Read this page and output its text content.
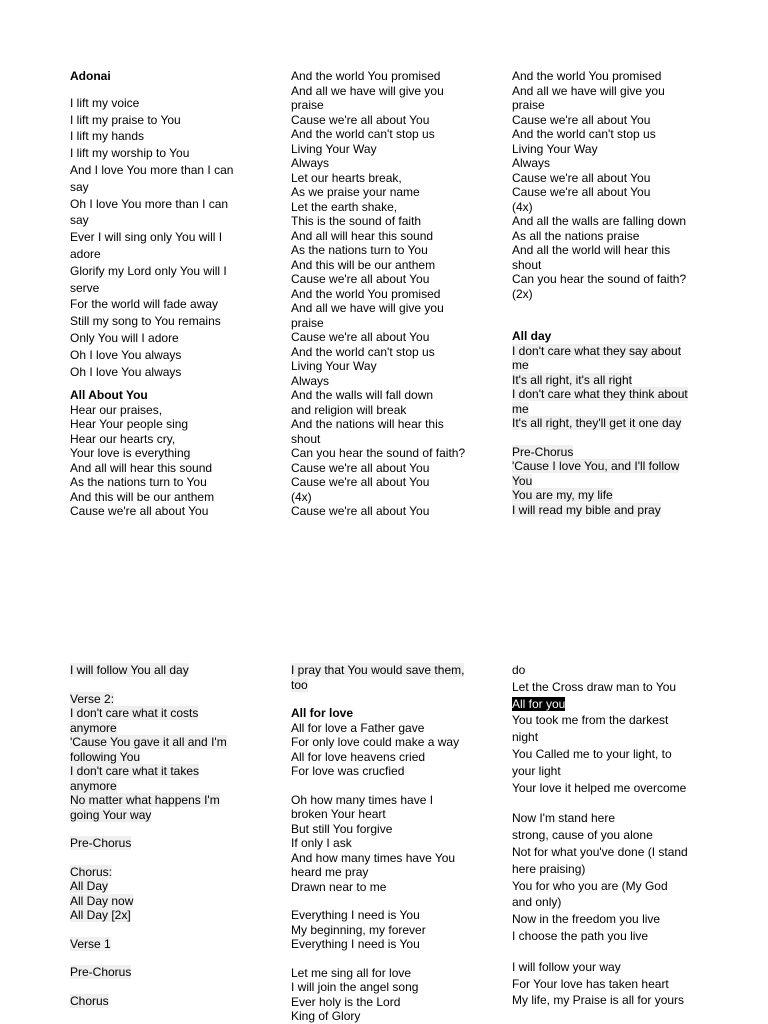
Adonai
I lift my voice
I lift my praise to You
I lift my hands
I lift my worship to You
And I love You more than I can
say
Oh I love You more than I can
say
Ever I will sing only You will I
adore
Glorify my Lord only You will I
serve
For the world will fade away
Still my song to You remains
Only You will I adore
Oh I love You always
Oh I love You always
All About You
Hear our praises,
Hear Your people sing
Hear our hearts cry,
Your love is everything
And all will hear this sound
As the nations turn to You
And this will be our anthem
Cause we're all about You
And the world You promised
And all we have will give you
praise
Cause we're all about You
And the world can't stop us
Living Your Way
Always
Let our hearts break,
As we praise your name
Let the earth shake,
This is the sound of faith
And all will hear this sound
As the nations turn to You
And this will be our anthem
Cause we're all about You
And the world You promised
And all we have will give you
praise
Cause we're all about You
And the world can't stop us
Living Your Way
Always
And the walls will fall down
and religion will break
And the nations will hear this
shout
Can you hear the sound of faith?
Cause we're all about You
Cause we're all about You
(4x)
Cause we're all about You
And the world You promised
And all we have will give you
praise
Cause we're all about You
And the world can't stop us
Living Your Way
Always
Cause we're all about You
Cause we're all about You
(4x)
And all the walls are falling down
As all the nations praise
And all the world will hear this
shout
Can you hear the sound of faith?
(2x)
All day
I don't care what they say about
me
It's all right, it's all right
I don't care what they think about
me
It's all right, they'll get it one day
Pre-Chorus
'Cause I love You, and I'll follow
You
You are my, my life
I will read my bible and pray
I will follow You all day
Verse 2:
I don't care what it costs
anymore
'Cause You gave it all and I'm
following You
I don't care what it takes
anymore
No matter what happens I'm
going Your way
Pre-Chorus
Chorus:
All Day
All Day now
All Day [2x]
Verse 1
Pre-Chorus
Chorus
I pray that You would save them,
too
All for love
All for love a Father gave
For only love could make a way
All for love heavens cried
For love was crucfied
Oh how many times have I
broken Your heart
But still You forgive
If only I ask
And how many times have You
heard me pray
Drawn near to me
Everything I need is You
My beginning, my forever
Everything I need is You
Let me sing all for love
I will join the angel song
Ever holy is the Lord
King of Glory
do
Let the Cross draw man to You
All for you
You took me from the darkest
night
You Called me to your light, to
your light
Your love it helped me overcome
Now I'm stand here
strong, cause of you alone
Not for what you've done (I stand
here praising)
You for who you are (My God
and only)
Now in the freedom you live
I choose the path you live
I will follow your way
For Your love has taken heart
My life, my Praise is all for yours
